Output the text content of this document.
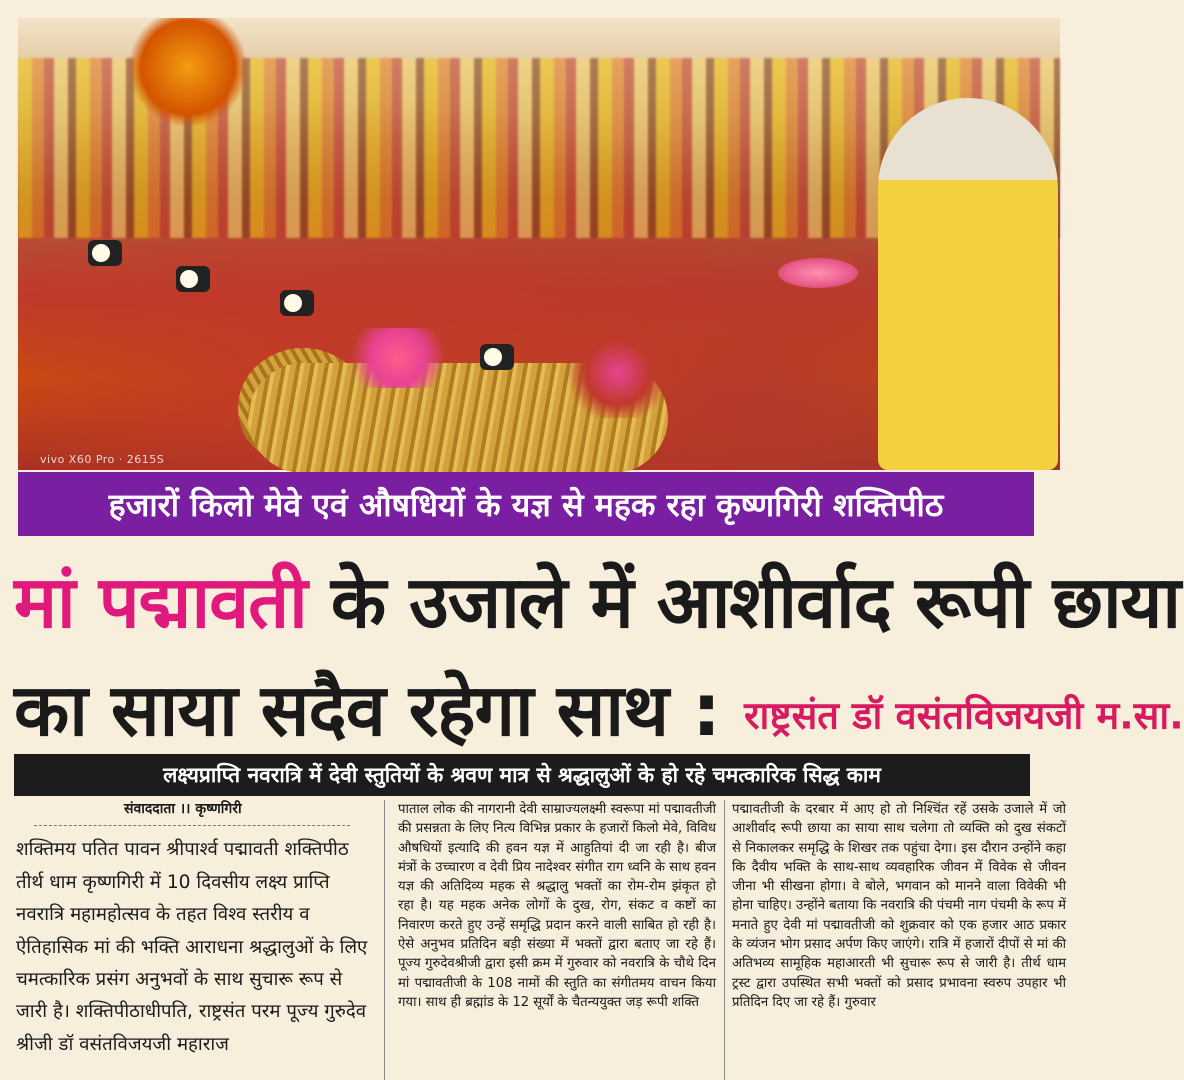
vivo X60 Pro · 2615S
हजारों किलो मेवे एवं औषधियों के यज्ञ से महक रहा कृष्णगिरी शक्तिपीठ
मां पद्मावती के उजाले में आशीर्वाद रूपी छाया
का साया सदैव रहेगा साथ : राष्ट्रसंत डॉ वसंतविजयजी म.सा.
लक्ष्यप्राप्ति नवरात्रि में देवी स्तुतियों के श्रवण मात्र से श्रद्धालुओं के हो रहे चमत्कारिक सिद्ध काम
संवाददाता ।। कृष्णगिरी
शक्तिमय पतित पावन श्रीपार्श्व पद्मावती शक्तिपीठ तीर्थ धाम कृष्णगिरी में 10 दिवसीय लक्ष्य प्राप्ति नवरात्रि महामहोत्सव के तहत विश्व स्तरीय व ऐतिहासिक मां की भक्ति आराधना श्रद्धालुओं के लिए चमत्कारिक प्रसंग अनुभवों के साथ सुचारू रूप से जारी है। शक्तिपीठाधीपति, राष्ट्रसंत परम पूज्य गुरुदेव श्रीजी डॉ वसंतविजयजी महाराज
पाताल लोक की नागरानी देवी साम्राज्यलक्ष्मी स्वरूपा मां पद्मावतीजी की प्रसन्नता के लिए नित्य विभिन्न प्रकार के हजारों किलो मेवे, विविध औषधियों इत्यादि की हवन यज्ञ में आहुतियां दी जा रही है। बीज मंत्रों के उच्चारण व देवी प्रिय नादेश्वर संगीत राग ध्वनि के साथ हवन यज्ञ की अतिदिव्य महक से श्रद्धालु भक्तों का रोम-रोम झंकृत हो रहा है। यह महक अनेक लोगों के दुख, रोग, संकट व कष्टों का निवारण करते हुए उन्हें समृद्धि प्रदान करने वाली साबित हो रही है। ऐसे अनुभव प्रतिदिन बड़ी संख्या में भक्तों द्वारा बताए जा रहे हैं। पूज्य गुरुदेवश्रीजी द्वारा इसी क्रम में गुरुवार को नवरात्रि के चौथे दिन मां पद्मावतीजी के 108 नामों की स्तुति का संगीतमय वाचन किया गया। साथ ही ब्रह्मांड के 12 सूर्यों के चैतन्ययुक्त जड़ रूपी शक्ति
पद्मावतीजी के दरबार में आए हो तो निश्चिंत रहें उसके उजाले में जो आशीर्वाद रूपी छाया का साया साथ चलेगा तो व्यक्ति को दुख संकटों से निकालकर समृद्धि के शिखर तक पहुंचा देगा। इस दौरान उन्होंने कहा कि दैवीय भक्ति के साथ-साथ व्यवहारिक जीवन में विवेक से जीवन जीना भी सीखना होगा। वे बोले, भगवान को मानने वाला विवेकी भी होना चाहिए। उन्होंने बताया कि नवरात्रि की पंचमी नाग पंचमी के रूप में मनाते हुए देवी मां पद्मावतीजी को शुक्रवार को एक हजार आठ प्रकार के व्यंजन भोग प्रसाद अर्पण किए जाएंगे। रात्रि में हजारों दीपों से मां की अतिभव्य सामूहिक महाआरती भी सुचारू रूप से जारी है। तीर्थ धाम ट्रस्ट द्वारा उपस्थित सभी भक्तों को प्रसाद प्रभावना स्वरुप उपहार भी प्रतिदिन दिए जा रहे हैं। गुरुवार
